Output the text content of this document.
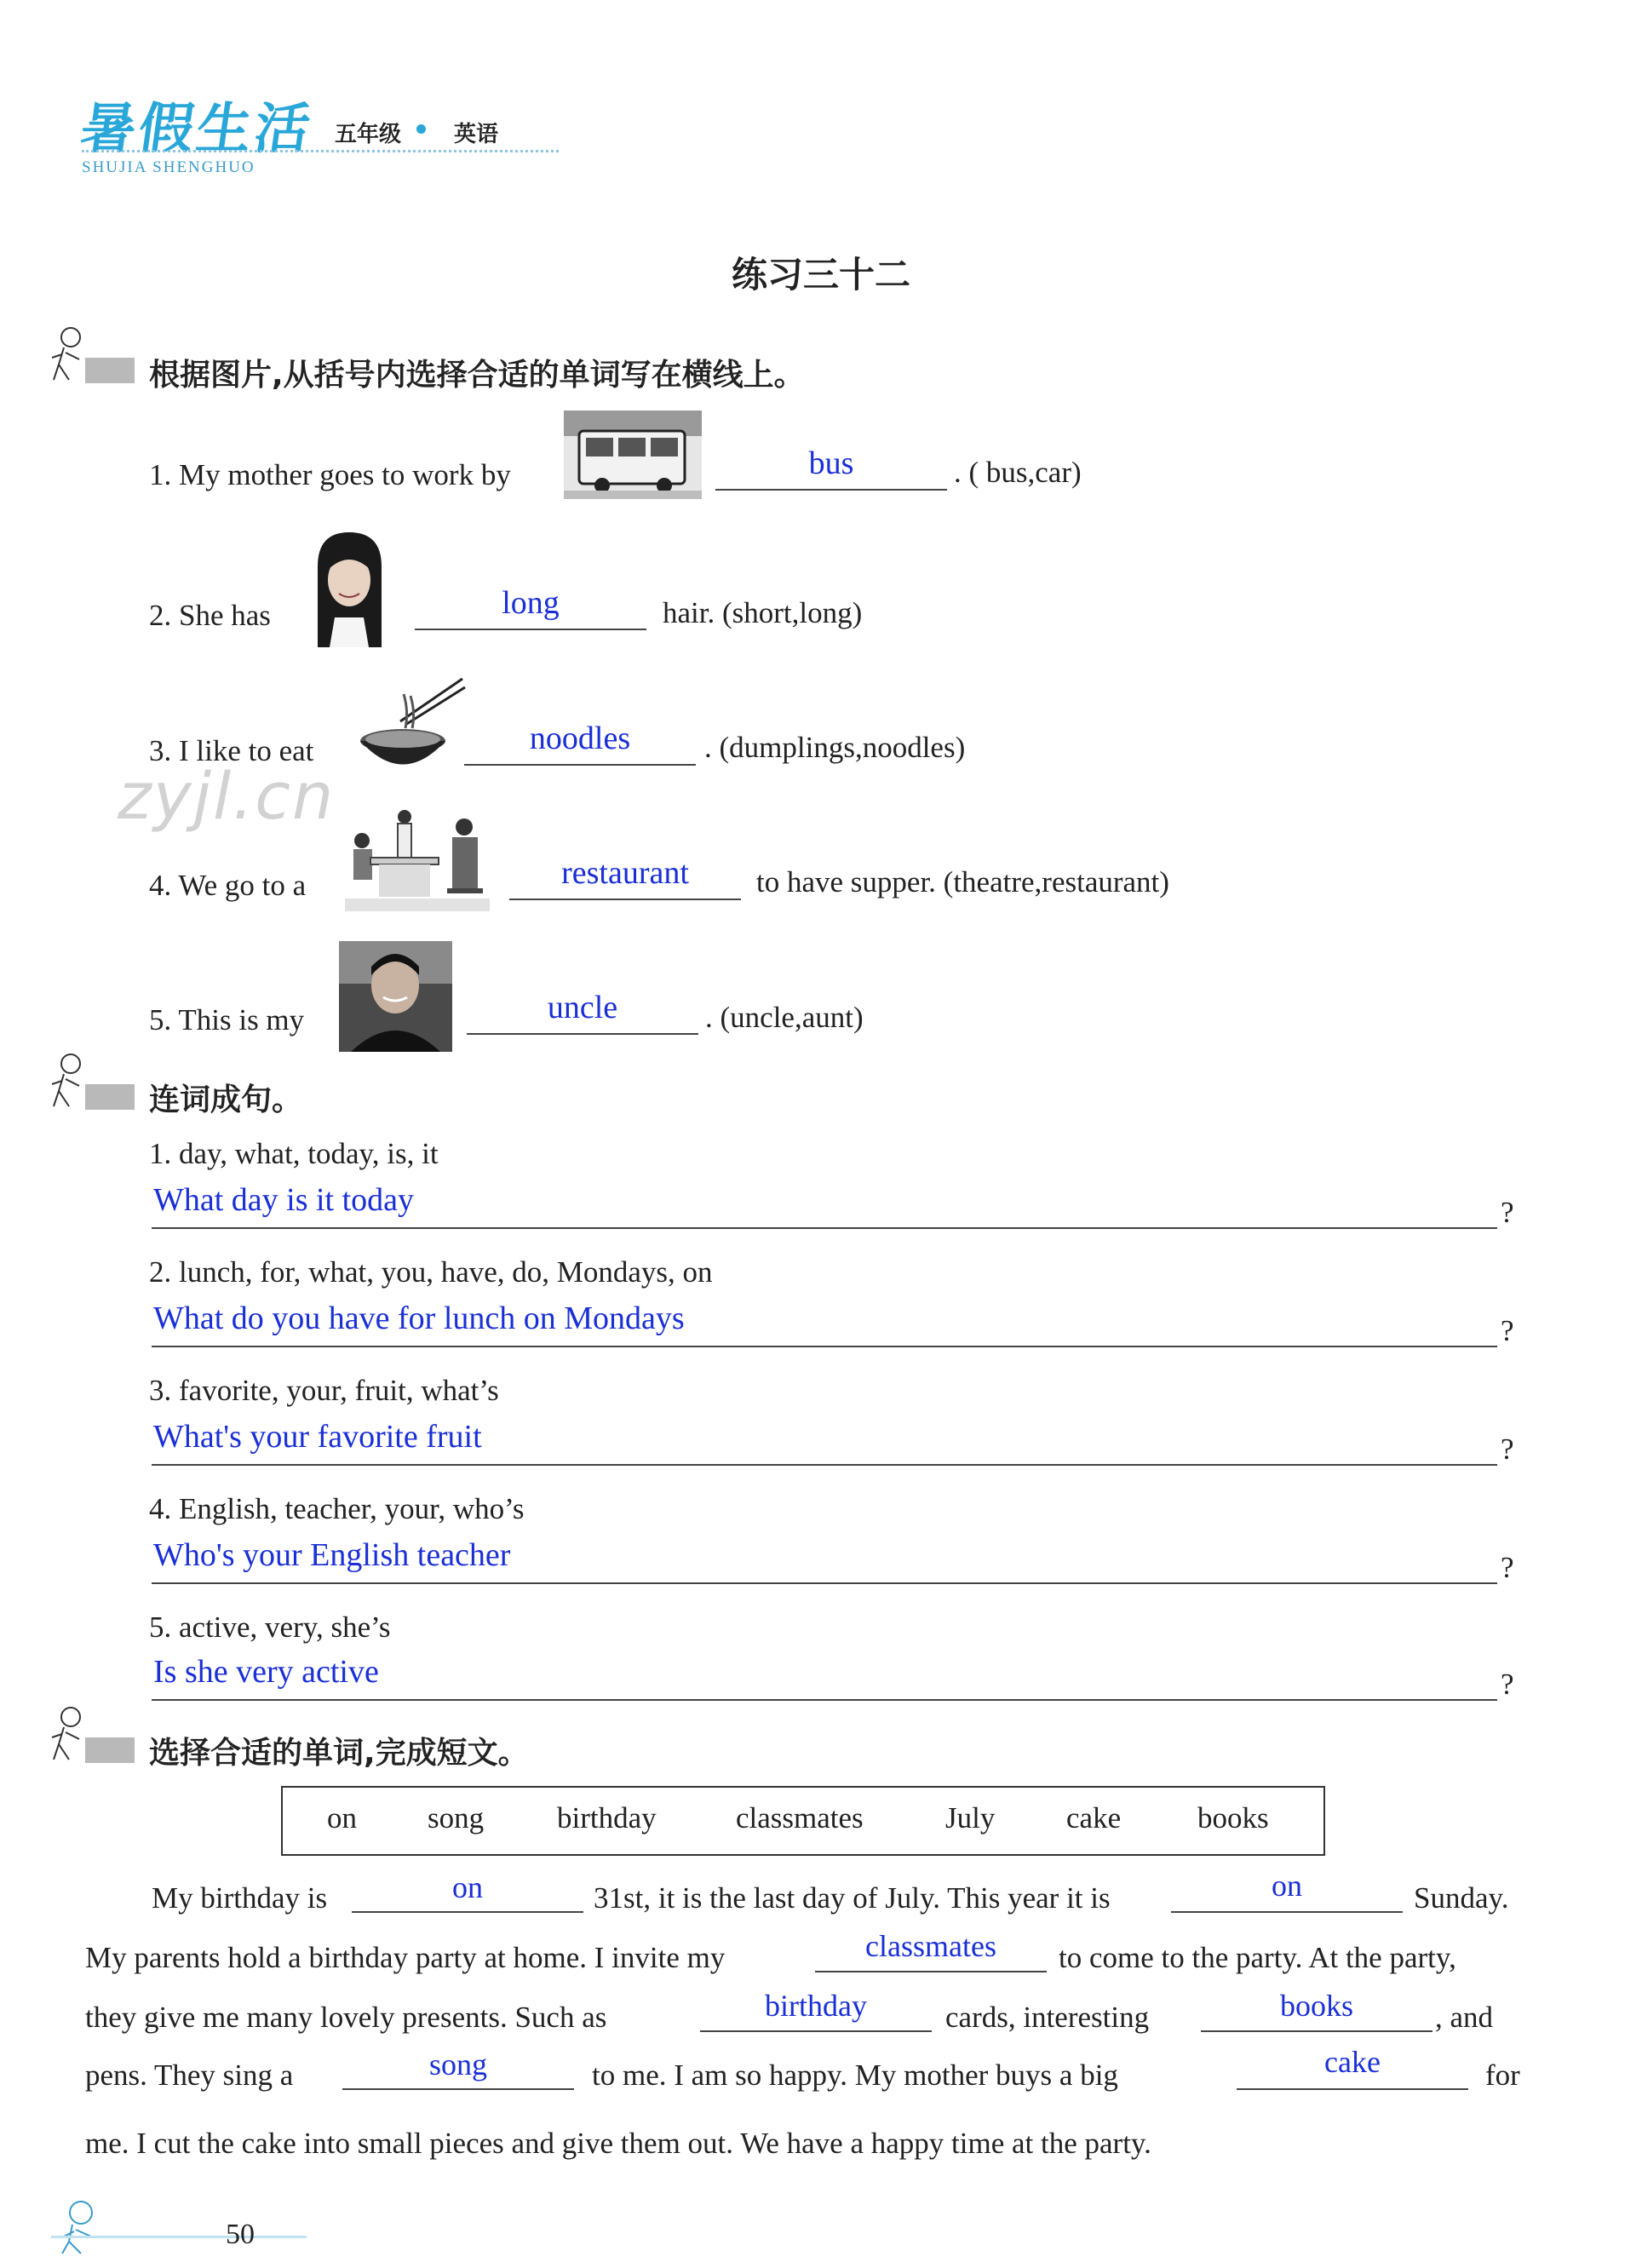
暑假生活
SHUJIA SHENGHUO
五年级 英语
练习三十二
zyjl.cn
根据图片,从括号内选择合适的单词写在横线上。
1. My mother goes to work by	bus	. ( bus,car)
2. She has	long	hair. (short,long)
3. I like to eat	noodles	. (dumplings,noodles)
4. We go to a	restaurant	to have supper. (theatre,restaurant)
5. This is my	uncle	. (uncle,aunt)
连词成句。
1. day, what, today, is, it
What day is it today	?
2. lunch, for, what, you, have, do, Mondays, on
What do you have for lunch on Mondays	?
3. favorite, your, fruit, what’s
What's your favorite fruit	?
4. English, teacher, your, who’s
Who's your English teacher	?
5. active, very, she’s
Is she very active	?
选择合适的单词,完成短文。
on song birthday	classmates	July cake	books
My birthday is	on	31st, it is the last day of July. This year it is	on	Sunday.
My parents hold a birthday party at home. I invite my	classmates	to come to the party. At the party,
they give me many lovely presents. Such as	birthday	cards, interesting	books	, and
pens. They sing a	song	to me. I am so happy. My mother buys a big	cake	for
me. I cut the cake into small pieces and give them out. We have a happy time at the party.
50
